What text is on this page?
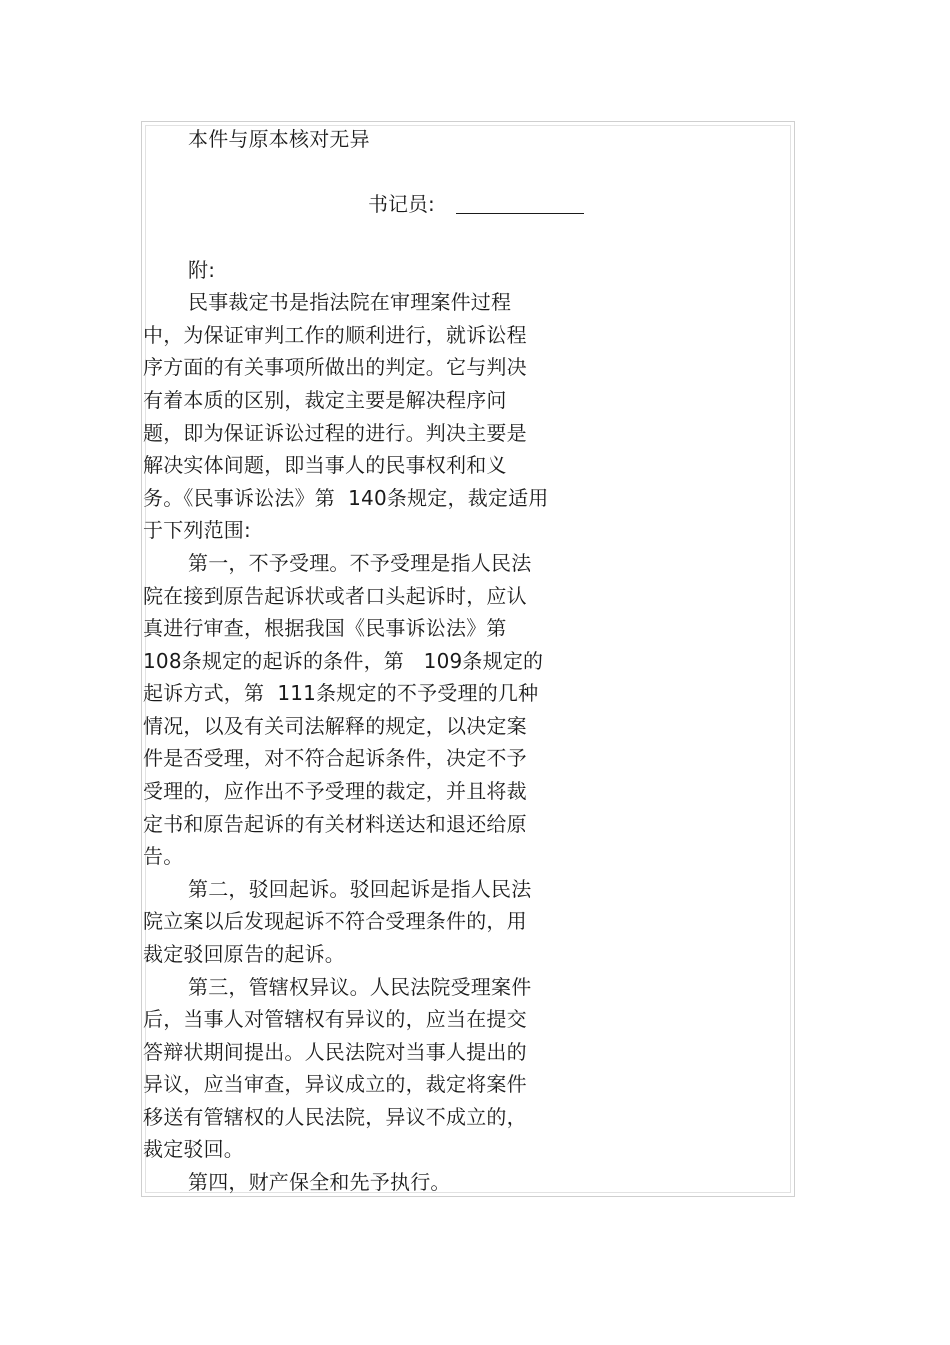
本件与原本核对无异

书记员:

附:

民事裁定书是指法院在审理案件过程

中，为保证审判工作的顺利进行，就诉讼程

序方面的有关事项所做出的判定。它与判决

有着本质的区别，裁定主要是解决程序问

题，即为保证诉讼过程的进行。判决主要是

解决实体间题，即当事人的民事权利和义

务。《民事诉讼法》第  140条规定，裁定适用

于下列范围:

第一，不予受理。不予受理是指人民法

院在接到原告起诉状或者口头起诉时，应认

真进行审查，根据我国《民事诉讼法》第

108条规定的起诉的条件，第   109条规定的

起诉方式，第  111条规定的不予受理的几种

情况，以及有关司法解释的规定，以决定案

件是否受理，对不符合起诉条件，决定不予

受理的，应作出不予受理的裁定，并且将裁

定书和原告起诉的有关材料送达和退还给原

告。

第二，驳回起诉。驳回起诉是指人民法

院立案以后发现起诉不符合受理条件的，用

裁定驳回原告的起诉。

第三，管辖权异议。人民法院受理案件

后，当事人对管辖权有异议的，应当在提交

答辩状期间提出。人民法院对当事人提出的

异议，应当审查，异议成立的，裁定将案件

移送有管辖权的人民法院，异议不成立的，

裁定驳回。

第四，财产保全和先予执行。
